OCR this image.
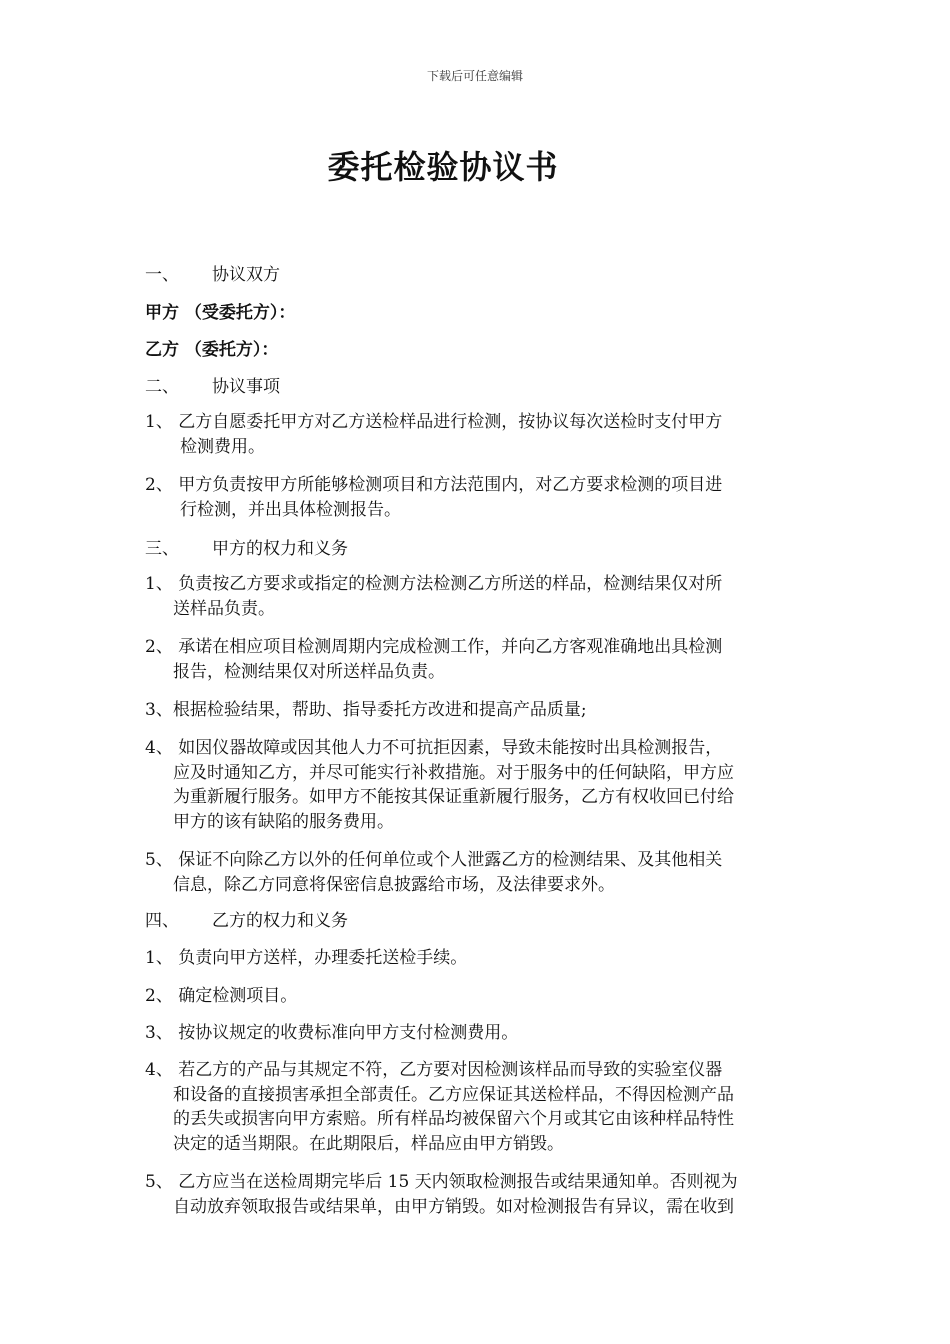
下载后可任意编辑
委托检验协议书
一、 协议双方
甲方 （受委托方）：
乙方 （委托方）：
二、 协议事项
1、 乙方自愿委托甲方对乙方送检样品进行检测，按协议每次送检时支付甲方
检测费用。
2、 甲方负责按甲方所能够检测项目和方法范围内，对乙方要求检测的项目进
行检测，并出具体检测报告。
三、 甲方的权力和义务
1、 负责按乙方要求或指定的检测方法检测乙方所送的样品，检测结果仅对所
送样品负责。
2、 承诺在相应项目检测周期内完成检测工作，并向乙方客观准确地出具检测
报告，检测结果仅对所送样品负责。
3、根据检验结果，帮助、指导委托方改进和提高产品质量;
4、 如因仪器故障或因其他人力不可抗拒因素，导致未能按时出具检测报告，
应及时通知乙方，并尽可能实行补救措施。对于服务中的任何缺陷，甲方应
为重新履行服务。如甲方不能按其保证重新履行服务，乙方有权收回已付给
甲方的该有缺陷的服务费用。
5、 保证不向除乙方以外的任何单位或个人泄露乙方的检测结果、及其他相关
信息，除乙方同意将保密信息披露给市场，及法律要求外。
四、 乙方的权力和义务
1、 负责向甲方送样，办理委托送检手续。
2、 确定检测项目。
3、 按协议规定的收费标准向甲方支付检测费用。
4、 若乙方的产品与其规定不符，乙方要对因检测该样品而导致的实验室仪器
和设备的直接损害承担全部责任。乙方应保证其送检样品，不得因检测产品
的丢失或损害向甲方索赔。所有样品均被保留六个月或其它由该种样品特性
决定的适当期限。在此期限后，样品应由甲方销毁。
5、 乙方应当在送检周期完毕后 15 天内领取检测报告或结果通知单。否则视为
自动放弃领取报告或结果单，由甲方销毁。如对检测报告有异议，需在收到
